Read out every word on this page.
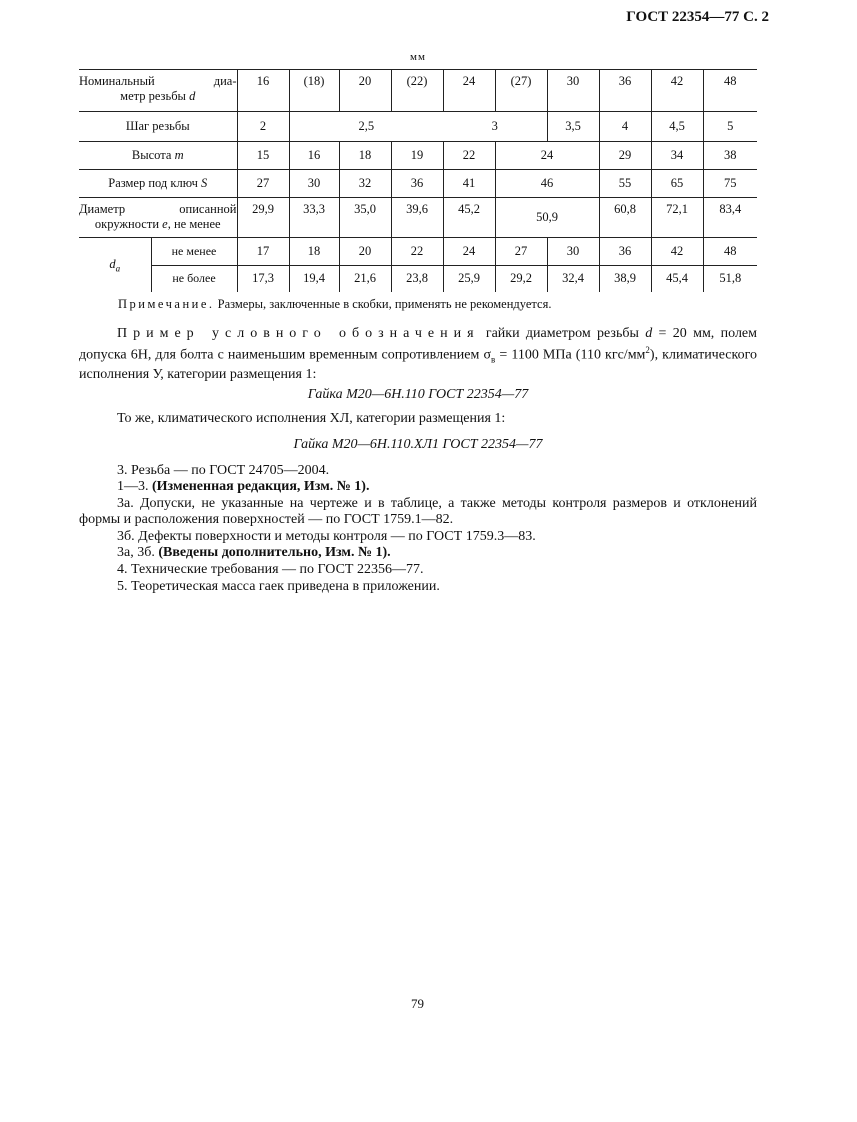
ГОСТ 22354—77 С. 2
мм
Номинальный диа-
метр резьбы d		16	(18)	20	(22)	24	(27)	30	36	42	48
Шаг резьбы		2	2,5			3		3,5	4	4,5	5
Высота m		15	16	18	19	22	24		29	34	38
Размер под ключ S		27	30	32	36	41	46		55	65	75

Диаметр описанной
окружности e, не менее		29,9	33,3	35,0	39,6	45,2	50,9		60,8	72,1	83,4
$d_a$	не менее	17	18	20	22	24	27	30	36	42	48
	не более	17,3	19,4	21,6	23,8	25,9	29,2	32,4	38,9	45,4	51,8
Примечание. Размеры, заключенные в скобки, применять не рекомендуется.
Пример условного обозначения гайки диаметром резьбы d = 20 мм, полем допуска 6H, для болта с наименьшим временным сопротивлением $\sigma_в = 1100$ МПа (110 кгс/$мм^2$), климатического исполнения У, категории размещения 1:
Гайка М20—6Н.110 ГОСТ 22354—77
То же, климатического исполнения ХЛ, категории размещения 1:
Гайка М20—6Н.110.ХЛ1 ГОСТ 22354—77
3. Резьба — по ГОСТ 24705—2004.
1—3. (Измененная редакция, Изм. № 1).
3а. Допуски, не указанные на чертеже и в таблице, а также методы контроля размеров и отклонений формы и расположения поверхностей — по ГОСТ 1759.1—82.
3б. Дефекты поверхности и методы контроля — по ГОСТ 1759.3—83.
3а, 3б. (Введены дополнительно, Изм. № 1).
4. Технические требования — по ГОСТ 22356—77.
5. Теоретическая масса гаек приведена в приложении.
79
